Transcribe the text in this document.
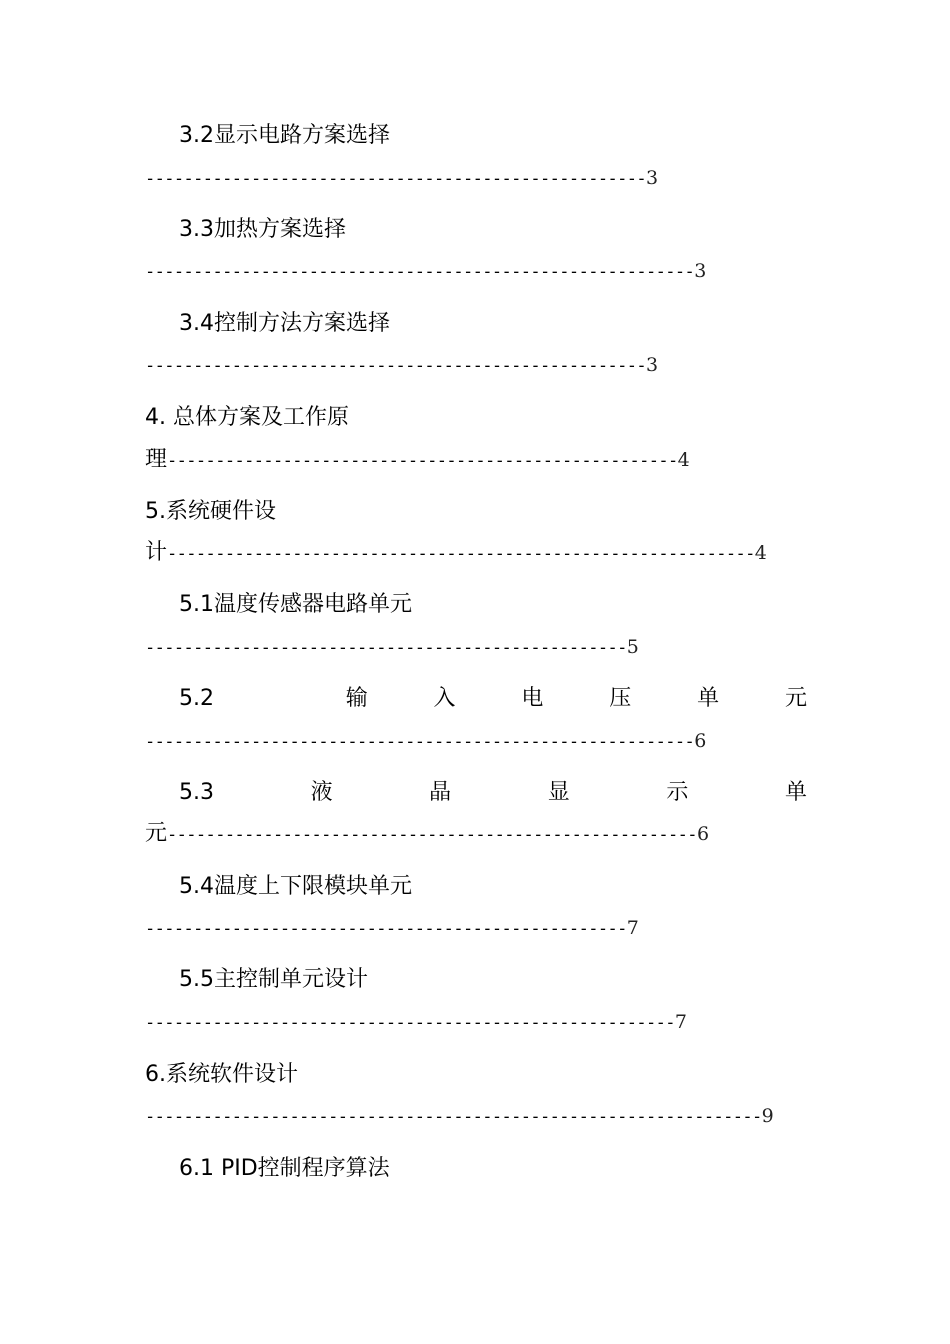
3.2显示电路方案选择
----------------------------------------------------3
3.3加热方案选择
---------------------------------------------------------3
3.4控制方法方案选择
----------------------------------------------------3
4. 总体方案及工作原
理-----------------------------------------------------4
5.系统硬件设
计-------------------------------------------------------------4
5.1温度传感器电路单元
--------------------------------------------------5
5.2	输	入	电	压	单	元
---------------------------------------------------------6
5.3	液	晶	显	示	单
元-------------------------------------------------------6
5.4温度上下限模块单元
--------------------------------------------------7
5.5主控制单元设计
-------------------------------------------------------7
6.系统软件设计
----------------------------------------------------------------9
6.1 PID控制程序算法
